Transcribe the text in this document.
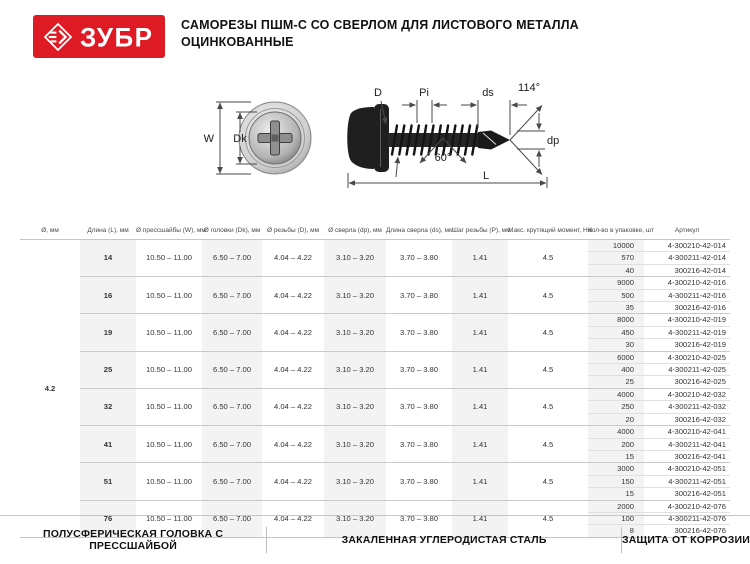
ЗУБР САМОРЕЗЫ ПШМ-С СО СВЕРЛОМ ДЛЯ ЛИСТОВОГО МЕТАЛЛА
ОЦИНКОВАННЫЕ
W Dk
D	Pi	ds 114°
dp
60°
L
Ø, мм	Длина (L), мм	Ø прессшайбы (W), мм	Ø головки (Dk), мм	Ø резьбы (D), мм	Ø сверла (dp), мм	Длина сверла (ds), мм	Шаг резьбы (P), мм	Макс. крутящий момент, Нм	Кол-во в упаковке, шт	Артикул
4.2	14	10.50 – 11.00	6.50 – 7.00	4.04 – 4.22	3.10 – 3.20	3.70 – 3.80	1.41	4.5	10000	4-300210-42-014
									570	4-300211-42-014
									40	300216-42-014
	16	10.50 – 11.00	6.50 – 7.00	4.04 – 4.22	3.10 – 3.20	3.70 – 3.80	1.41	4.5	9000	4-300210-42-016
									500	4-300211-42-016
									35	300216-42-016
	19	10.50 – 11.00	6.50 – 7.00	4.04 – 4.22	3.10 – 3.20	3.70 – 3.80	1.41	4.5	8000	4-300210-42-019
									450	4-300211-42-019
									30	300216-42-019
	25	10.50 – 11.00	6.50 – 7.00	4.04 – 4.22	3.10 – 3.20	3.70 – 3.80	1.41	4.5	6000	4-300210-42-025
									400	4-300211-42-025
									25	300216-42-025
	32	10.50 – 11.00	6.50 – 7.00	4.04 – 4.22	3.10 – 3.20	3.70 – 3.80	1.41	4.5	4000	4-300210-42-032
									250	4-300211-42-032
									20	300216-42-032
	41	10.50 – 11.00	6.50 – 7.00	4.04 – 4.22	3.10 – 3.20	3.70 – 3.80	1.41	4.5	4000	4-300210-42-041
									200	4-300211-42-041
									15	300216-42-041
	51	10.50 – 11.00	6.50 – 7.00	4.04 – 4.22	3.10 – 3.20	3.70 – 3.80	1.41	4.5	3000	4-300210-42-051
									150	4-300211-42-051
									15	300216-42-051
	76	10.50 – 11.00	6.50 – 7.00	4.04 – 4.22	3.10 – 3.20	3.70 – 3.80	1.41	4.5	2000	4-300210-42-076
									100	4-300211-42-076
									8	300216-42-076
ПОЛУСФЕРИЧЕСКАЯ ГОЛОВКА С ПРЕССШАЙБОЙ	ЗАКАЛЕННАЯ УГЛЕРОДИСТАЯ СТАЛЬ	ЗАЩИТА ОТ КОРРОЗИИ
